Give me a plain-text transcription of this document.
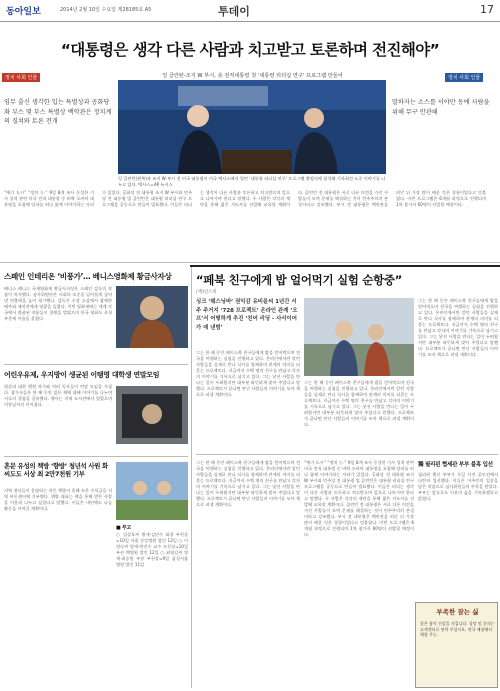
동아일보	2014년 2월 10일 수요일 제28185호 A5	투데이	17
“대통령은 생각 다른 사람과 치고받고 토론하며 전진해야”
정치 사회 인물	정치 사회 인물
잉 클린턴-조지 W 부시, 美 전직대통령 첫 ‘대통령 리더십 연구’ 프로그램 만들어
임무 출신 생각한 입는 특별상과 공화당 좌 부스 몇 부스 특별상 백악관은 정치계의 질쳐와 토론 전개
말하자는 소스를 서야만 동에 사람을 위해 무구 안관해
잉 클린턴(왼쪽)과 조지 W 부시 전 미국 대통령이 미국 텍사스에서 열린 ‘대통령 리더십 연구’ 프로그램 출범식에 참석해 기자회견 도중 이야기를 나누고 있다. 텍사스=AP 뉴시스
“얘기 도시” “정치 능.” 9일 8개 조사 동성한 기사 성격 관련 미국 전직 대통령 중 버락 오바마 대통령을 포함해 당파를 떠나 함께 이야기하는 자리가 있었다. 공화당 전 대통령 조지 W 부시와 민주당 전 대통령 빌 클린턴은 대통령 리더십 연구 프로그램을 공동으로 만들어 발표했다. 이들은 리더는 생각이 다른 사람과 토론하고 치고받으며 앞으로 나아가야 한다고 말했다. 두 사람은 각각의 재단을 통해 젊은 지도자를 선발해 교육할 계획이다. 클린턴 전 대통령은 서로 다른 의견을 가진 사람들이 모여 문제를 해결하는 것이 민주주의의 본질이라고 강조했다. 부시 전 대통령은 백악관을 떠난 뒤 가장 많이 배운 것은 경청이었다고 덧붙였다. 이번 프로그램은 6개월 과정으로 진행되며 1차 참가자 60명이 선발될 예정이다.
스페인 인테리온 ‘비풍가’… 베니스영화제 황금사자상
베니스 레니스 국제영화제 황금사자상은 스페인 감독의 작품이 차지했다. 심사위원단은 사회의 모순을 날카롭게 짚어낸 연출력을 높이 평가했다. 감독은 수상 소감에서 함께한 배우와 제작진에게 영광을 돌렸다. 이번 영화제에는 세계 각국에서 출품된 작품들이 경쟁을 벌였으며 한국 영화도 초청 부문에 이름을 올렸다.
어린우유제, 우지방이 생균된 이탱영 대학생 연말모임
평상과 대한 행원 작가와 여러 독자들이 연말 모임을 가졌다. 참가자들은 한 해 동안 읽은 책에 대해 이야기를 나누며 서로의 경험을 공유했다. 행사는 지역 도서관에서 열렸으며 이튿날까지 이어졌다.
혼문 유성의 책방 ‘향방’ 청년석 사원 화씨도도 서상 최 2만7천원 기부
지역 청년들이 운영하는 작은 책방이 올해 모은 수익금을 지역 아동센터에 기부했다. 책방 대표는 책을 통해 받은 사랑을 이웃과 나누고 싶었다고 말했다. 이들은 내년에도 나눔 활동을 이어갈 계획이다.
■ 부고
○ 김상호씨 별세·김민수 회장 부친상=10일 서울 중앙병원 발인 12일 ○ 이정숙씨 별세·박진수 교수 모친상=10일 부산 백병원 발인 12일 ○ 최영길씨 별세·최승원 부장 부친상=9일 삼성서울병원 발인 11일
“페북 친구에게 밥 얼어먹기 실험 순항중”
(재)인스북
싱크 ‘웨스닝바’ 권익감 유비윤씨 1년간 서주 주거지 ‘728 프로젝트’ 온라인 관계 ‘오프’서 어떻하게 추진 ‘친어 리딩 - 사서이어가 데 낸범’
그는 한 해 동안 페이스북 친구들에게 밥을 얻어먹으며 전국을 여행하는 실험을 진행하고 있다. 온라인에서만 알던 사람들을 실제로 만나 식사를 함께하며 관계의 의미를 되묻는 프로젝트다. 지금까지 수백 명의 친구를 만났고 각자의 이야기를 기록으로 남기고 있다. 그는 낯선 사람을 만나는 일이 두려웠지만 대부분 따뜻하게 맞아 주었다고 말했다. 프로젝트가 끝나면 만난 사람들의 이야기를 모아 책으로 펴낼 계획이다.
그는 한 해 동안 페이스북 친구들에게 밥을 얻어먹으며 전국을 여행하는 실험을 진행하고 있다. 온라인에서만 알던 사람들을 실제로 만나 식사를 함께하며 관계의 의미를 되묻는 프로젝트다. 지금까지 수백 명의 친구를 만났고 각자의 이야기를 기록으로 남기고 있다. 그는 낯선 사람을 만나는 일이 두려웠지만 대부분 따뜻하게 맞아 주었다고 말했다. 프로젝트가 끝나면 만난 사람들의 이야기를 모아 책으로 펴낼 계획이다.
그는 한 해 동안 페이스북 친구들에게 밥을 얻어먹으며 전국을 여행하는 실험을 진행하고 있다. 온라인에서만 알던 사람들을 실제로 만나 식사를 함께하며 관계의 의미를 되묻는 프로젝트다. 지금까지 수백 명의 친구를 만났고 각자의 이야기를 기록으로 남기고 있다. 그는 낯선 사람을 만나는 일이 두려웠지만 대부분 따뜻하게 맞아 주었다고 말했다. 프로젝트가 끝나면 만난 사람들의 이야기를 모아 책으로 펴낼 계획이다.
그는 한 해 동안 페이스북 친구들에게 밥을 얻어먹으며 전국을 여행하는 실험을 진행하고 있다. 온라인에서만 알던 사람들을 실제로 만나 식사를 함께하며 관계의 의미를 되묻는 프로젝트다. 지금까지 수백 명의 친구를 만났고 각자의 이야기를 기록으로 남기고 있다. 그는 낯선 사람을 만나는 일이 두려웠지만 대부분 따뜻하게 맞아 주었다고 말했다. 프로젝트가 끝나면 만난 사람들의 이야기를 모아 책으로 펴낼 계획이다.
“얘기 도시” “정치 능.” 9일 8개 조사 동성한 기사 성격 관련 미국 전직 대통령 중 버락 오바마 대통령을 포함해 당파를 떠나 함께 이야기하는 자리가 있었다. 공화당 전 대통령 조지 W 부시와 민주당 전 대통령 빌 클린턴은 대통령 리더십 연구 프로그램을 공동으로 만들어 발표했다. 이들은 리더는 생각이 다른 사람과 토론하고 치고받으며 앞으로 나아가야 한다고 말했다. 두 사람은 각각의 재단을 통해 젊은 지도자를 선발해 교육할 계획이다. 클린턴 전 대통령은 서로 다른 의견을 가진 사람들이 모여 문제를 해결하는 것이 민주주의의 본질이라고 강조했다. 부시 전 대통령은 백악관을 떠난 뒤 가장 많이 배운 것은 경청이었다고 덧붙였다. 이번 프로그램은 6개월 과정으로 진행되며 1차 참가자 60명이 선발될 예정이다.
獨 필리핀 협세관 부부 불혹 입선
필리핀 출신 부부가 독일 사진 공모전에서 나란히 입선했다. 이들은 이주민의 일상을 담은 작품으로 심사위원들의 주목을 받았다. 부부는 앞으로도 이웃의 삶을 기록하겠다고 밝혔다.
부족한 잠는 싫
좋은 잠이 건강을 지킵니다. 상담 및 문의는 고객센터로 연락 주십시오. 전국 매장에서 체험 가능.
